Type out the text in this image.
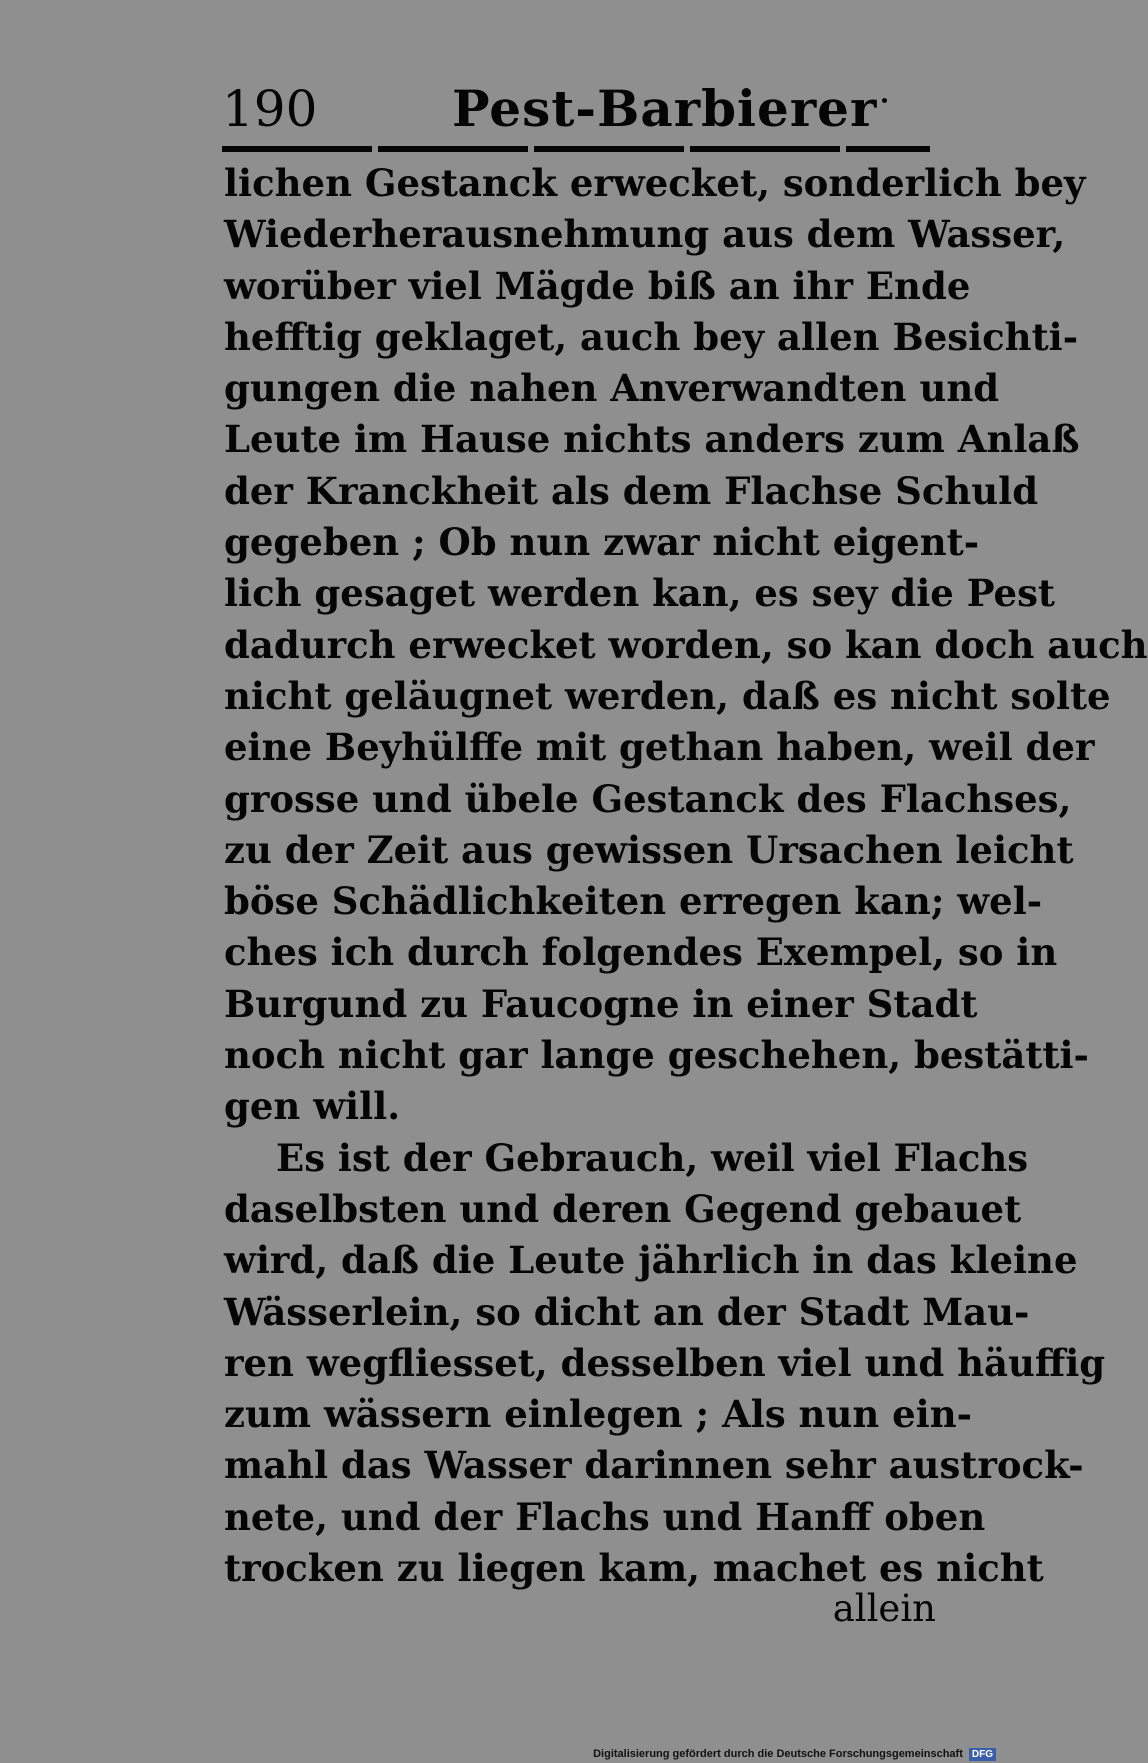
190	Pest-Barbierer
lichen Gestanck erwecket, sonderlich bey
Wiederherausnehmung aus dem Wasser,
worüber viel Mägde biß an ihr Ende
hefftig geklaget, auch bey allen Besichti-
gungen die nahen Anverwandten und
Leute im Hause nichts anders zum Anlaß
der Kranckheit als dem Flachse Schuld
gegeben ; Ob nun zwar nicht eigent-
lich gesaget werden kan, es sey die Pest
dadurch erwecket worden, so kan doch auch
nicht geläugnet werden, daß es nicht solte
eine Beyhülffe mit gethan haben, weil der
grosse und übele Gestanck des Flachses,
zu der Zeit aus gewissen Ursachen leicht
böse Schädlichkeiten erregen kan; wel-
ches ich durch folgendes Exempel, so in
Burgund zu Faucogne in einer Stadt
noch nicht gar lange geschehen, bestätti-
gen will.
Es ist der Gebrauch, weil viel Flachs
daselbsten und deren Gegend gebauet
wird, daß die Leute jährlich in das kleine
Wässerlein, so dicht an der Stadt Mau-
ren wegfliesset, desselben viel und häuffig
zum wässern einlegen ; Als nun ein-
mahl das Wasser darinnen sehr austrock-
nete, und der Flachs und Hanff oben
trocken zu liegen kam, machet es nicht
allein
Digitalisierung gefördert durch die Deutsche Forschungsgemeinschaft DFG
